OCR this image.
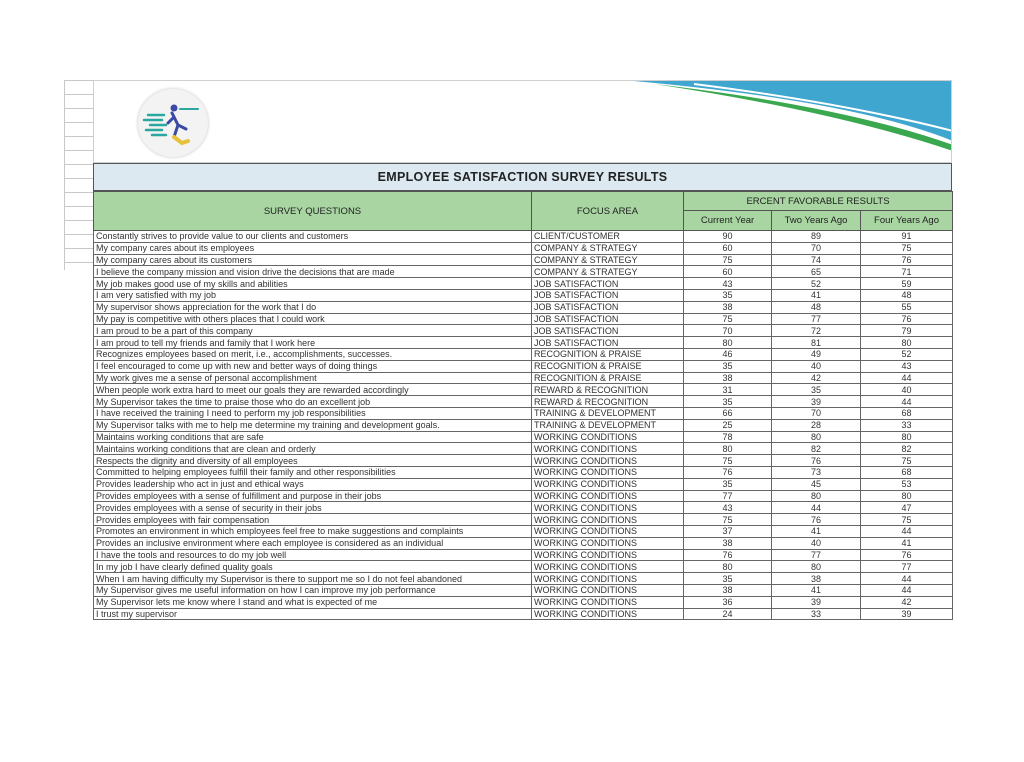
EMPLOYEE SATISFACTION SURVEY RESULTS
SURVEY QUESTIONS	FOCUS AREA	ERCENT FAVORABLE RESULTS		
		Current Year	Two Years Ago	Four Years Ago
Constantly strives to provide value to our clients and customers	CLIENT/CUSTOMER	90	89	91
My company cares about its employees	COMPANY & STRATEGY	60	70	75
My company cares about its customers	COMPANY & STRATEGY	75	74	76
I believe the company mission and vision drive the decisions that are made	COMPANY & STRATEGY	60	65	71
My job makes good use of my skills and abilities	JOB SATISFACTION	43	52	59
I am very satisfied with my job	JOB SATISFACTION	35	41	48
My supervisor shows appreciation for the work that I do	JOB SATISFACTION	38	48	55
My pay is competitive with others places that I could work	JOB SATISFACTION	75	77	76
I am proud to be a part of this company	JOB SATISFACTION	70	72	79
I am proud to tell my friends and family that I work here	JOB SATISFACTION	80	81	80
Recognizes employees based on merit, i.e., accomplishments, successes.	RECOGNITION & PRAISE	46	49	52
I feel encouraged to come up with new and better ways of doing things	RECOGNITION & PRAISE	35	40	43
My work gives me a sense of personal accomplishment	RECOGNITION & PRAISE	38	42	44
When people work extra hard to meet our goals they are rewarded accordingly	REWARD & RECOGNITION	31	35	40
My Supervisor takes the time to praise those who do an excellent job	REWARD & RECOGNITION	35	39	44
I have received the training I need to perform my job responsibilities	TRAINING & DEVELOPMENT	66	70	68
My Supervisor talks with me to help me determine my training and development goals.	TRAINING & DEVELOPMENT	25	28	33
Maintains working conditions that are safe	WORKING CONDITIONS	78	80	80
Maintains working conditions that are clean and orderly	WORKING CONDITIONS	80	82	82
Respects the dignity and diversity of all employees	WORKING CONDITIONS	75	76	75
Committed to helping employees fulfill their family and other responsibilities	WORKING CONDITIONS	76	73	68
Provides leadership who act in just and ethical ways	WORKING CONDITIONS	35	45	53
Provides employees with a sense of fulfillment and purpose in their jobs	WORKING CONDITIONS	77	80	80
Provides employees with a sense of security in their jobs	WORKING CONDITIONS	43	44	47
Provides employees with fair compensation	WORKING CONDITIONS	75	76	75
Promotes an environment in which employees feel free to make suggestions and complaints	WORKING CONDITIONS	37	41	44
Provides an inclusive environment where each employee is considered as an individual	WORKING CONDITIONS	38	40	41
I have the tools and resources to do my job well	WORKING CONDITIONS	76	77	76
In my job I have clearly defined quality goals	WORKING CONDITIONS	80	80	77
When I am having difficulty my Supervisor is there to support me so I do not feel abandoned	WORKING CONDITIONS	35	38	44
My Supervisor gives me useful information on how I can improve my job performance	WORKING CONDITIONS	38	41	44
My Supervisor lets me know where I stand and what is expected of me	WORKING CONDITIONS	36	39	42
I trust my supervisor	WORKING CONDITIONS	24	33	39
